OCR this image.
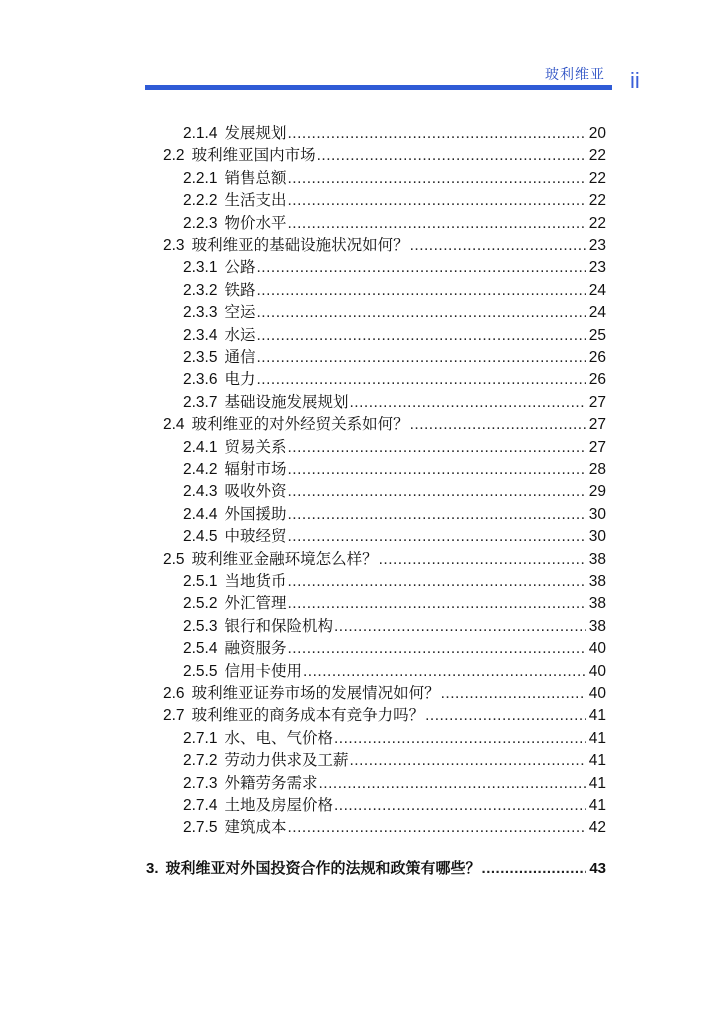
玻利维亚 ii
2.1.4 发展规划 .....	20
2.2 玻利维亚国内市场 .....	22
2.2.1 销售总额 .....	22
2.2.2 生活支出 .....	22
2.2.3 物价水平 .....	22
2.3 玻利维亚的基础设施状况如何？ .....	23
2.3.1 公路 .....	23
2.3.2 铁路 .....	24
2.3.3 空运 .....	24
2.3.4 水运 .....	25
2.3.5 通信 .....	26
2.3.6 电力 .....	26
2.3.7 基础设施发展规划 .....	27
2.4 玻利维亚的对外经贸关系如何？ .....	27
2.4.1 贸易关系 .....	27
2.4.2 辐射市场 .....	28
2.4.3 吸收外资 .....	29
2.4.4 外国援助 .....	30
2.4.5 中玻经贸 .....	30
2.5 玻利维亚金融环境怎么样？ .....	38
2.5.1 当地货币 .....	38
2.5.2 外汇管理 .....	38
2.5.3 银行和保险机构 .....	38
2.5.4 融资服务 .....	40
2.5.5 信用卡使用 .....	40
2.6 玻利维亚证券市场的发展情况如何？ .....	40
2.7 玻利维亚的商务成本有竞争力吗？ .....	41
2.7.1 水、电、气价格 .....	41
2.7.2 劳动力供求及工薪 .....	41
2.7.3 外籍劳务需求 .....	41
2.7.4 土地及房屋价格 .....	41
2.7.5 建筑成本 .....	42
3. 玻利维亚对外国投资合作的法规和政策有哪些？ .....	43
